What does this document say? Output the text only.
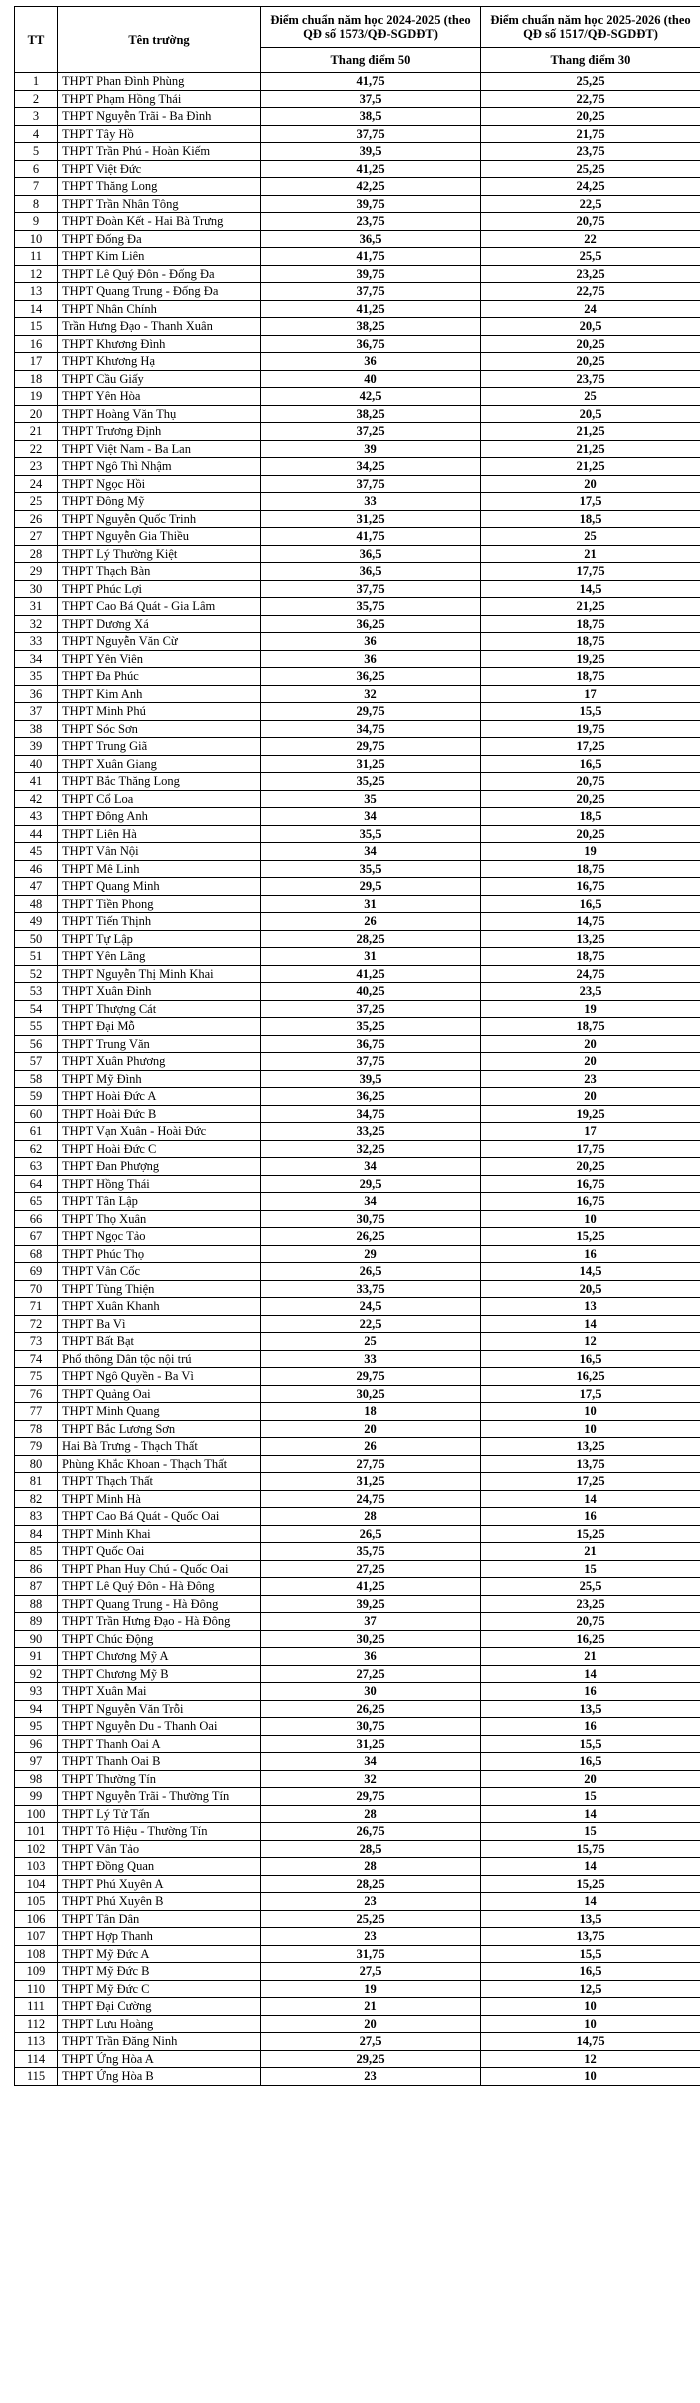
TT	Tên trường	Điểm chuẩn năm học 2024-2025 (theo QĐ số 1573/QĐ-SGDĐT)	Điểm chuẩn năm học 2025-2026 (theo QĐ số 1517/QĐ-SGDĐT)
		Thang điểm 50	Thang điểm 30
1	THPT Phan Đình Phùng	41,75	25,25
2	THPT Phạm Hồng Thái	37,5	22,75
3	THPT Nguyễn Trãi - Ba Đình	38,5	20,25
4	THPT Tây Hồ	37,75	21,75
5	THPT Trần Phú - Hoàn Kiếm	39,5	23,75
6	THPT Việt Đức	41,25	25,25
7	THPT Thăng Long	42,25	24,25
8	THPT Trần Nhân Tông	39,75	22,5
9	THPT Đoàn Kết - Hai Bà Trưng	23,75	20,75
10	THPT Đống Đa	36,5	22
11	THPT Kim Liên	41,75	25,5
12	THPT Lê Quý Đôn - Đống Đa	39,75	23,25
13	THPT Quang Trung - Đống Đa	37,75	22,75
14	THPT Nhân Chính	41,25	24
15	Trần Hưng Đạo - Thanh Xuân	38,25	20,5
16	THPT Khương Đình	36,75	20,25
17	THPT Khương Hạ	36	20,25
18	THPT Cầu Giấy	40	23,75
19	THPT Yên Hòa	42,5	25
20	THPT Hoàng Văn Thụ	38,25	20,5
21	THPT Trương Định	37,25	21,25
22	THPT Việt Nam - Ba Lan	39	21,25
23	THPT Ngô Thì Nhậm	34,25	21,25
24	THPT Ngọc Hồi	37,75	20
25	THPT Đông Mỹ	33	17,5
26	THPT Nguyễn Quốc Trinh	31,25	18,5
27	THPT Nguyễn Gia Thiều	41,75	25
28	THPT Lý Thường Kiệt	36,5	21
29	THPT Thạch Bàn	36,5	17,75
30	THPT Phúc Lợi	37,75	14,5
31	THPT Cao Bá Quát - Gia Lâm	35,75	21,25
32	THPT Dương Xá	36,25	18,75
33	THPT Nguyễn Văn Cừ	36	18,75
34	THPT Yên Viên	36	19,25
35	THPT Đa Phúc	36,25	18,75
36	THPT Kim Anh	32	17
37	THPT Minh Phú	29,75	15,5
38	THPT Sóc Sơn	34,75	19,75
39	THPT Trung Giã	29,75	17,25
40	THPT Xuân Giang	31,25	16,5
41	THPT Bắc Thăng Long	35,25	20,75
42	THPT Cổ Loa	35	20,25
43	THPT Đông Anh	34	18,5
44	THPT Liên Hà	35,5	20,25
45	THPT Vân Nội	34	19
46	THPT Mê Linh	35,5	18,75
47	THPT Quang Minh	29,5	16,75
48	THPT Tiền Phong	31	16,5
49	THPT Tiến Thịnh	26	14,75
50	THPT Tự Lập	28,25	13,25
51	THPT Yên Lãng	31	18,75
52	THPT Nguyễn Thị Minh Khai	41,25	24,75
53	THPT Xuân Đỉnh	40,25	23,5
54	THPT Thượng Cát	37,25	19
55	THPT Đại Mỗ	35,25	18,75
56	THPT Trung Văn	36,75	20
57	THPT Xuân Phương	37,75	20
58	THPT Mỹ Đình	39,5	23
59	THPT Hoài Đức A	36,25	20
60	THPT Hoài Đức B	34,75	19,25
61	THPT Vạn Xuân - Hoài Đức	33,25	17
62	THPT Hoài Đức C	32,25	17,75
63	THPT Đan Phượng	34	20,25
64	THPT Hồng Thái	29,5	16,75
65	THPT Tân Lập	34	16,75
66	THPT Thọ Xuân	30,75	10
67	THPT Ngọc Tảo	26,25	15,25
68	THPT Phúc Thọ	29	16
69	THPT Vân Cốc	26,5	14,5
70	THPT Tùng Thiện	33,75	20,5
71	THPT Xuân Khanh	24,5	13
72	THPT Ba Vì	22,5	14
73	THPT Bất Bạt	25	12
74	Phổ thông Dân tộc nội trú	33	16,5
75	THPT Ngô Quyền - Ba Vì	29,75	16,25
76	THPT Quảng Oai	30,25	17,5
77	THPT Minh Quang	18	10
78	THPT Bắc Lương Sơn	20	10
79	Hai Bà Trưng - Thạch Thất	26	13,25
80	Phùng Khắc Khoan - Thạch Thất	27,75	13,75
81	THPT Thạch Thất	31,25	17,25
82	THPT Minh Hà	24,75	14
83	THPT Cao Bá Quát - Quốc Oai	28	16
84	THPT Minh Khai	26,5	15,25
85	THPT Quốc Oai	35,75	21
86	THPT Phan Huy Chú - Quốc Oai	27,25	15
87	THPT Lê Quý Đôn - Hà Đông	41,25	25,5
88	THPT Quang Trung - Hà Đông	39,25	23,25
89	THPT Trần Hưng Đạo - Hà Đông	37	20,75
90	THPT Chúc Động	30,25	16,25
91	THPT Chương Mỹ A	36	21
92	THPT Chương Mỹ B	27,25	14
93	THPT Xuân Mai	30	16
94	THPT Nguyễn Văn Trỗi	26,25	13,5
95	THPT Nguyễn Du - Thanh Oai	30,75	16
96	THPT Thanh Oai A	31,25	15,5
97	THPT Thanh Oai B	34	16,5
98	THPT Thường Tín	32	20
99	THPT Nguyễn Trãi - Thường Tín	29,75	15
100	THPT Lý Tử Tấn	28	14
101	THPT Tô Hiệu - Thường Tín	26,75	15
102	THPT Vân Tảo	28,5	15,75
103	THPT Đồng Quan	28	14
104	THPT Phú Xuyên A	28,25	15,25
105	THPT Phú Xuyên B	23	14
106	THPT Tân Dân	25,25	13,5
107	THPT Hợp Thanh	23	13,75
108	THPT Mỹ Đức A	31,75	15,5
109	THPT Mỹ Đức B	27,5	16,5
110	THPT Mỹ Đức C	19	12,5
111	THPT Đại Cường	21	10
112	THPT Lưu Hoàng	20	10
113	THPT Trần Đăng Ninh	27,5	14,75
114	THPT Ứng Hòa A	29,25	12
115	THPT Ứng Hòa B	23	10
